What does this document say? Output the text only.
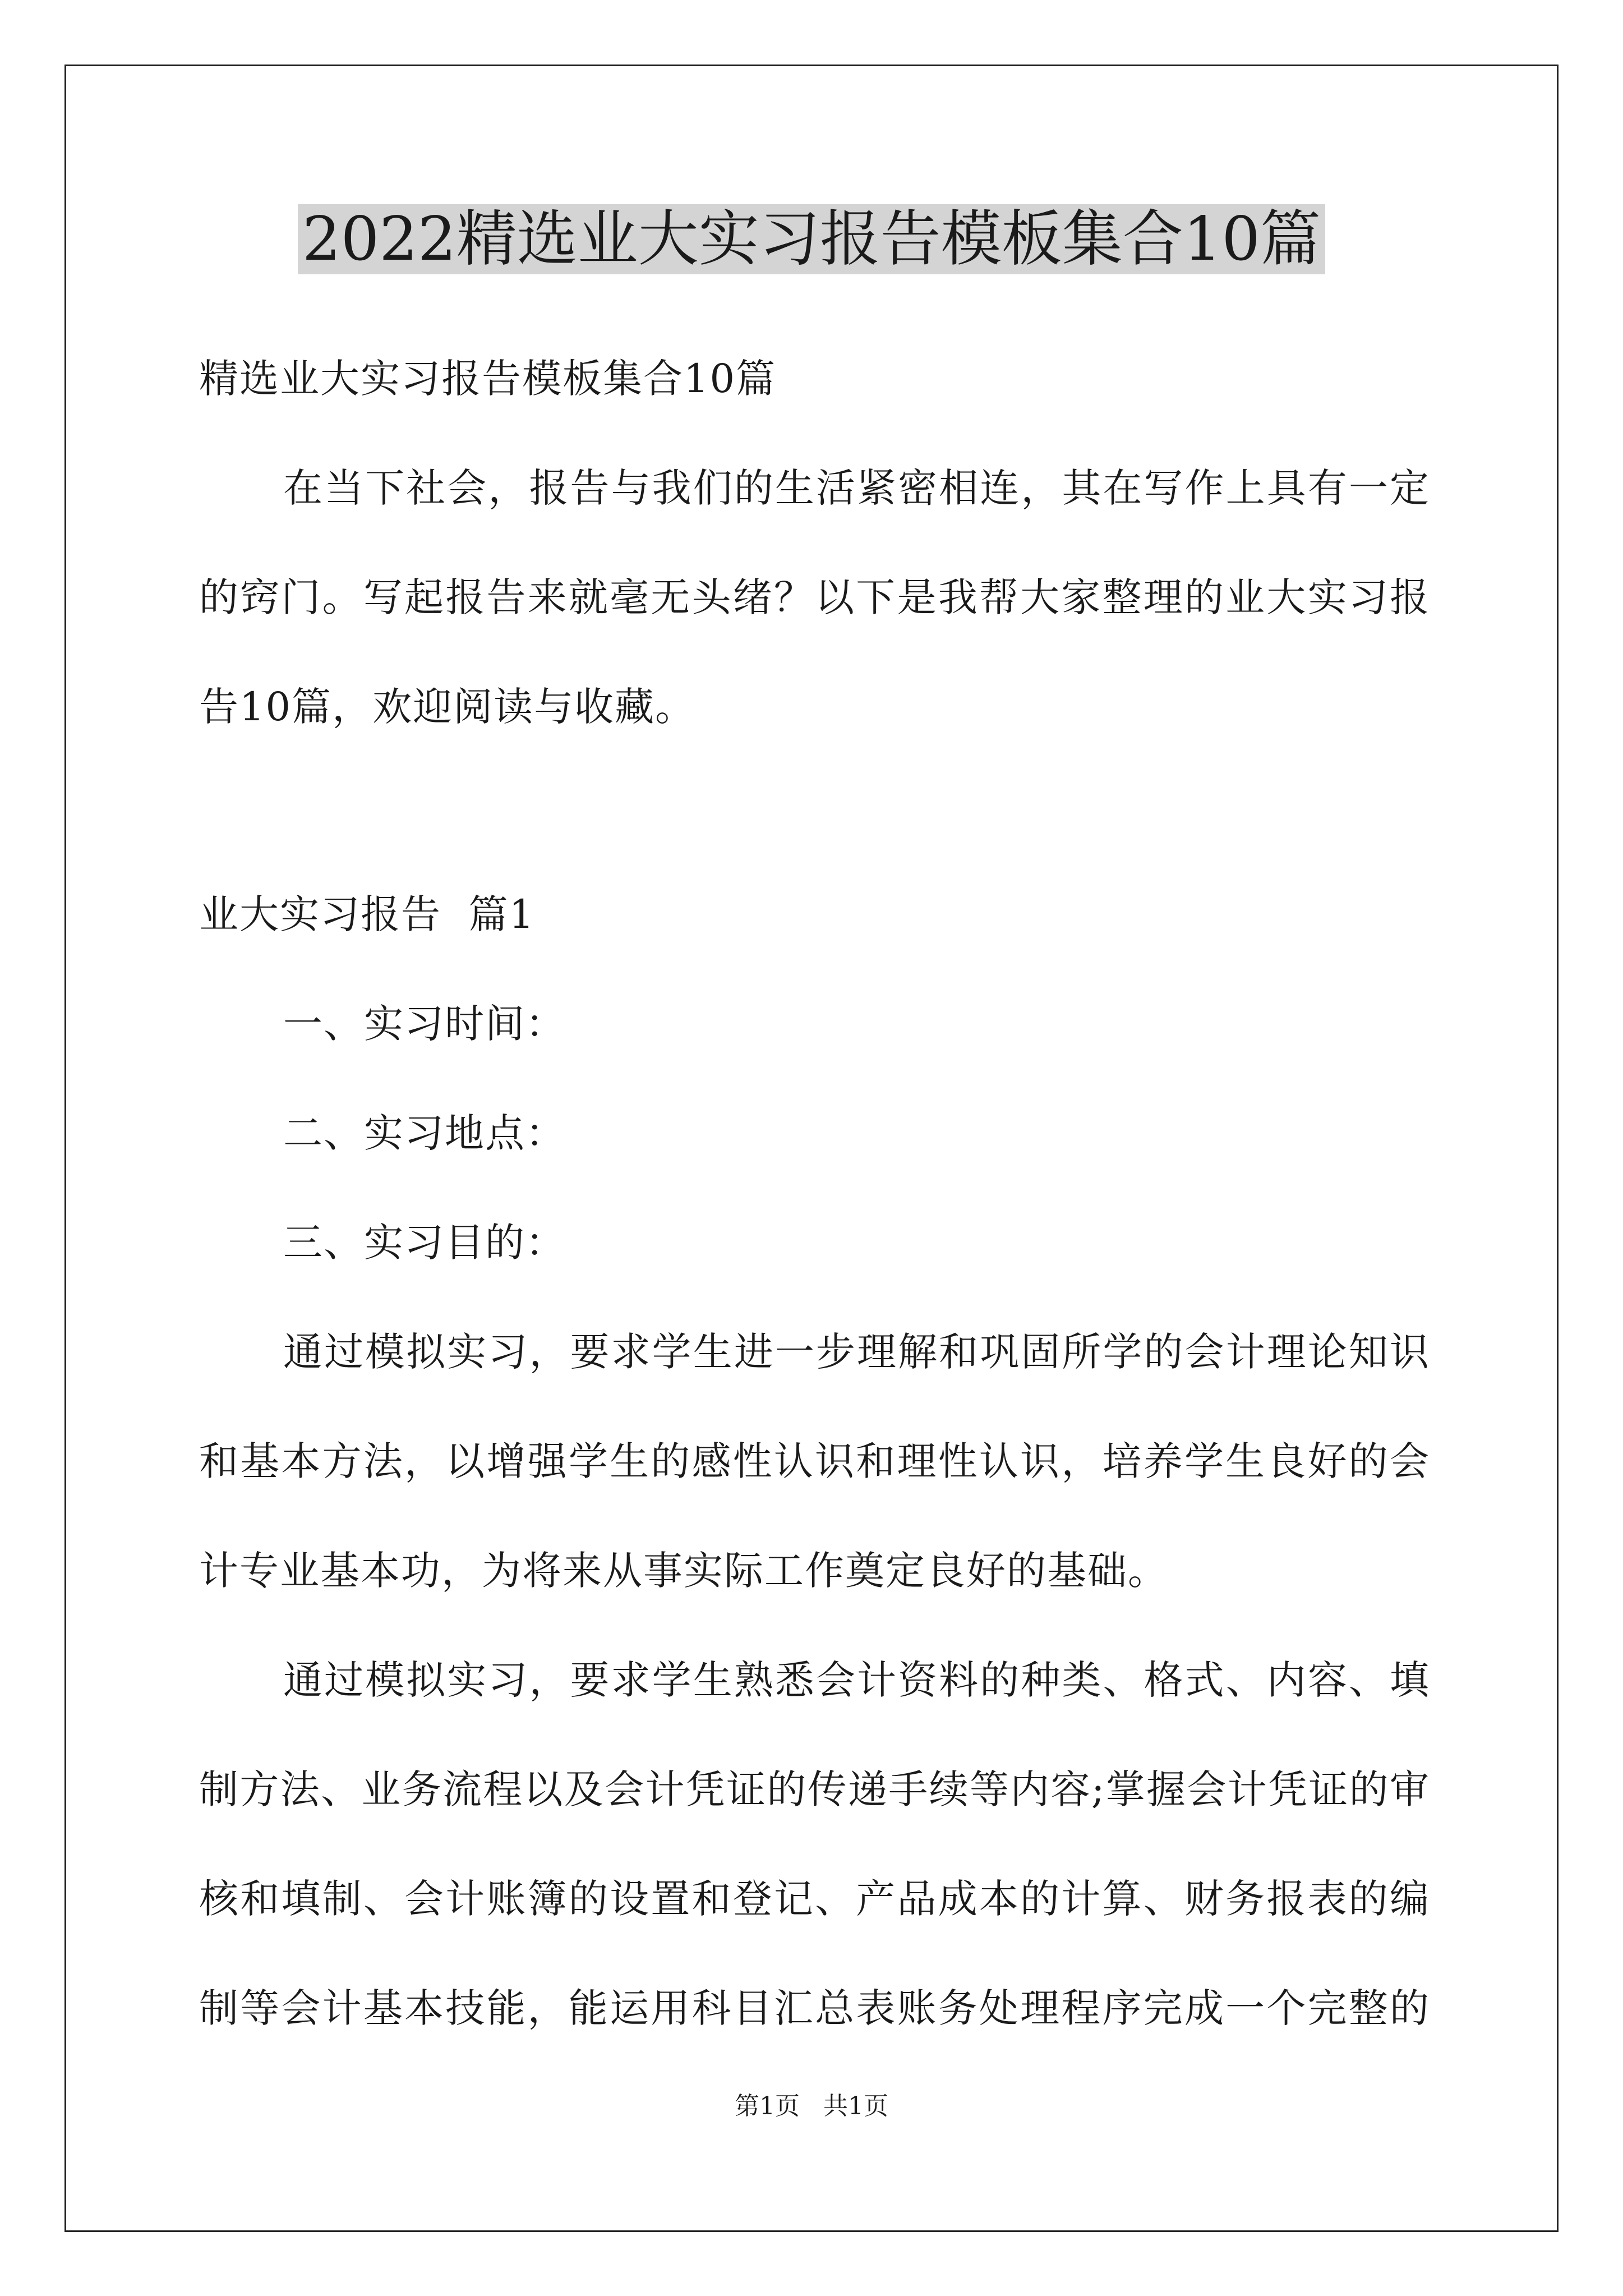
2022精选业大实习报告模板集合10篇
精选业大实习报告模板集合10篇
在当下社会，报告与我们的生活紧密相连，其在写作上具有一定
的窍门。写起报告来就毫无头绪？以下是我帮大家整理的业大实习报
告10篇，欢迎阅读与收藏。
业大实习报告  篇1
一、实习时间：
二、实习地点：
三、实习目的：
通过模拟实习，要求学生进一步理解和巩固所学的会计理论知识
和基本方法，以增强学生的感性认识和理性认识，培养学生良好的会
计专业基本功，为将来从事实际工作奠定良好的基础。
通过模拟实习，要求学生熟悉会计资料的种类、格式、内容、填
制方法、业务流程以及会计凭证的传递手续等内容;掌握会计凭证的审
核和填制、会计账簿的设置和登记、产品成本的计算、财务报表的编
制等会计基本技能，能运用科目汇总表账务处理程序完成一个完整的
第1页   共1页
